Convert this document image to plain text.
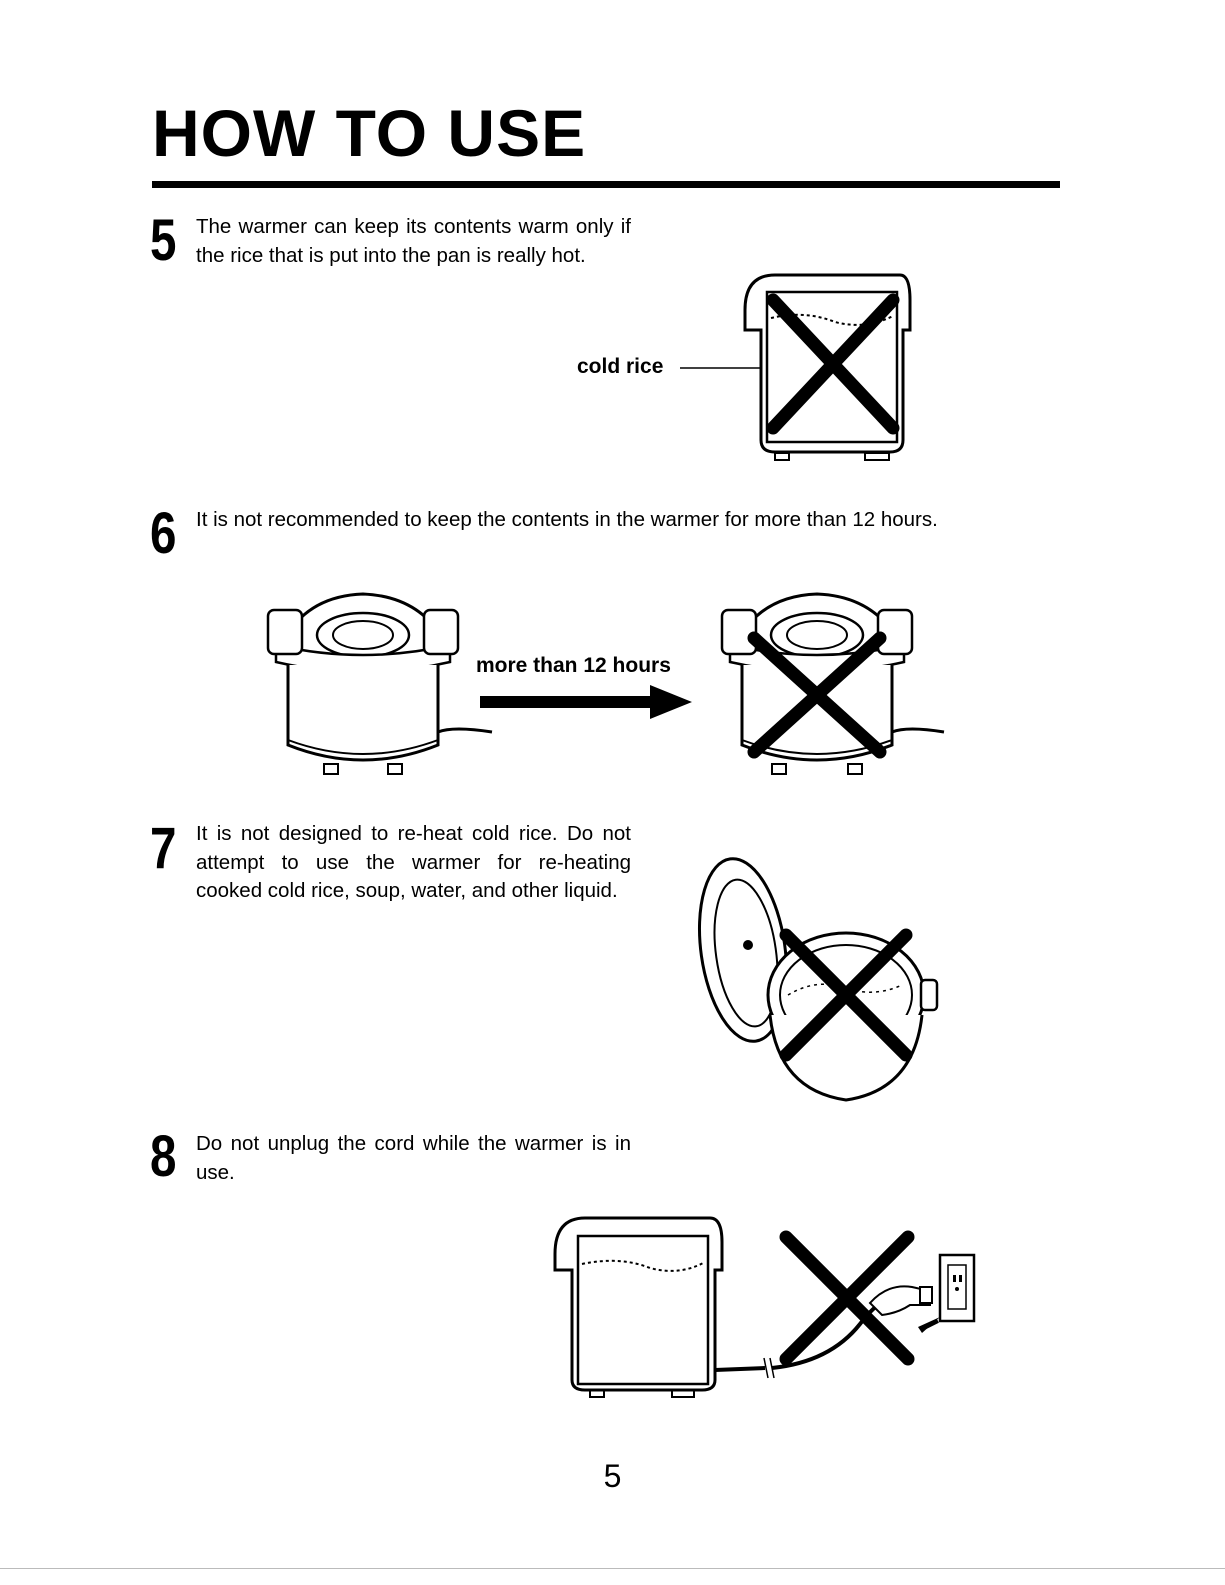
HOW TO USE
5 The warmer can keep its contents warm only if the rice that is put into the pan is really hot.

cold rice
6 It is not recommended to keep the contents in the warmer for more than 12 hours.

more than 12 hours
7 It is not designed to re-heat cold rice. Do not attempt to use the warmer for re-heating cooked cold rice, soup, water, and other liquid.

8 Do not unplug the cord while the warmer is in use.

5
